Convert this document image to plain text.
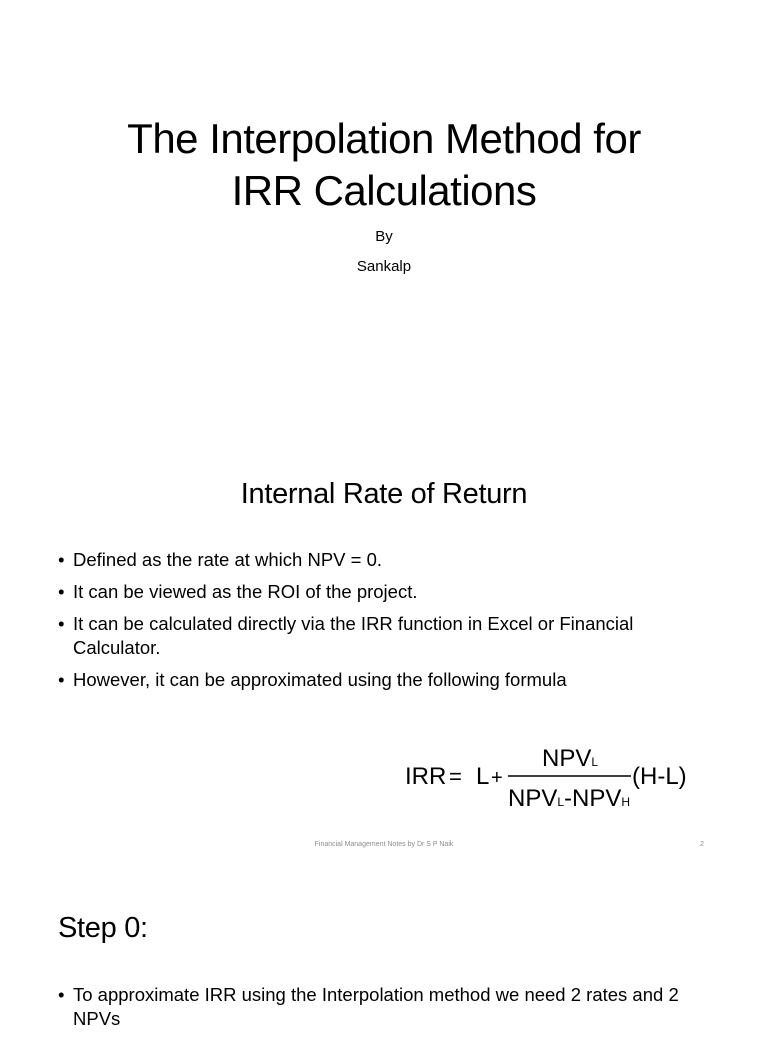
The Interpolation Method for
IRR Calculations
By
Sankalp
Internal Rate of Return
• Defined as the rate at which NPV = 0.
• It can be viewed as the ROI of the project.
• It can be calculated directly via the IRR function in Excel or Financial Calculator.
• However, it can be approximated using the following formula
IRR = L +
NPVL
NPVL-NPVH
(H-L)
Financial Management Notes by Dr S P Naik	2
Step 0:
• To approximate IRR using the Interpolation method we need 2 rates and 2 NPVs
